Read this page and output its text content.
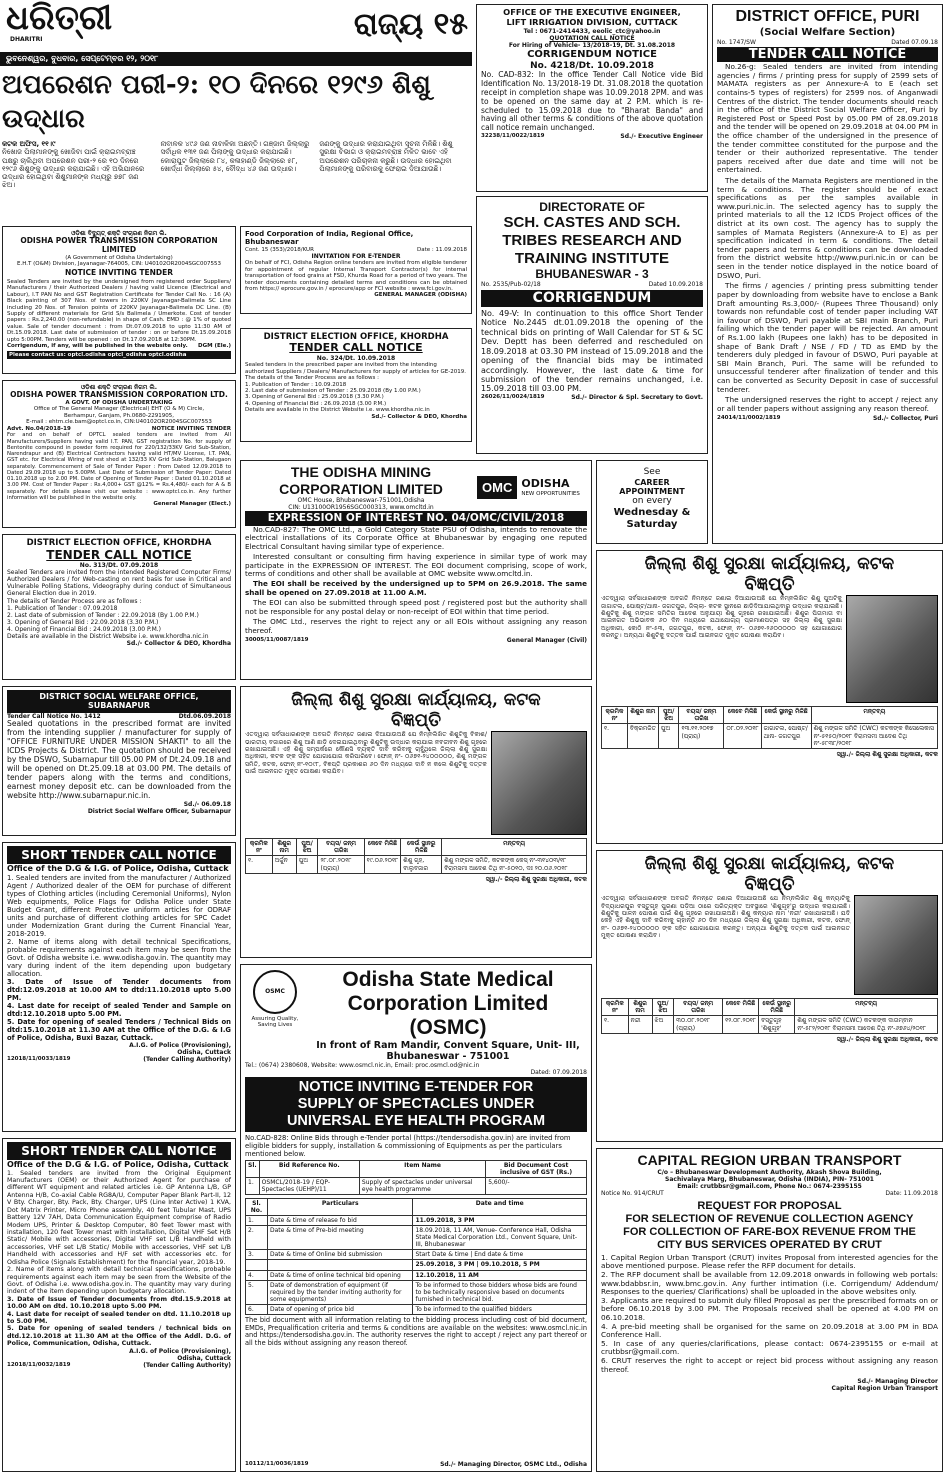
ଧରିତ୍ରୀ
DHARITRI	ରାଜ୍ୟ ୧୫
ଭୁବନେଶ୍ୱର, ବୁଧବାର, ସେପ୍ଟେମ୍ବର ୧୨, ୨୦୧୮
ଅପରେଶନ ପରୀ-୨: ୧୦ ଦିନରେ ୧୨୯୬ ଶିଶୁ ଉଦ୍ଧାର
କଟକ ଅଫିସ, ୧୧।୯
ନିଖୋଜ ପିଲାମାନଙ୍କୁ ଖୋଜିବା ପାଇଁ କ୍ରାଇମବ୍ରାଞ୍ଚ ପକ୍ଷରୁ ଚାଲିଥିବା ଅପରେଶନ ପରୀ-୨ ରେ ୧୦ ଦିନରେ ୧୨୯୬ ଶିଶୁଙ୍କୁ ଉଦ୍ଧାର କରାଯାଇଛି। ଏହି ଅଭିଯାନରେ ଉଦ୍ଧାର ହୋଇଥିବା ଶିଶୁମାନଙ୍କ ମଧ୍ୟରୁ ୭୭୮ ଜଣ ଝିଅ।
ନାବାଳକ ୪୯୬ ଜଣ ନାବାଳିକା ଅଛନ୍ତି। ଗଞ୍ଜାମ ଜିଲ୍ଲାରୁ ସର୍ବାଧିକ ୧୩୧ ଜଣ ପିଲାଙ୍କୁ ଉଦ୍ଧାର କରାଯାଇଛି। କୋରାପୁଟ ଜିଲ୍ଲାରେ ୮୪, କଳାହାଣ୍ଡି ଜିଲ୍ଲାରେ ୫୮, ଖୋର୍ଦ୍ଧା ଜିଲ୍ଲାରେ ୫୪, ବୌଦ୍ଧ ୪୬ ଜଣ ଉଦ୍ଧାର।
ଜଣଙ୍କୁ ଉଦ୍ଧାର କରାଯାଇଥିବା ସୂଚନା ମିଳିଛି। ଶିଶୁ ସୁରକ୍ଷା ବିଭାଗ ଓ କ୍ରାଇମବ୍ରାଞ୍ଚ ମିଳିତ ଭାବେ ଏହି ଅପରେଶନ ପରିଚାଳନା କରୁଛି। ଉଦ୍ଧାର ହୋଇଥିବା ପିଲାମାନଙ୍କୁ ପରିବାରକୁ ଫେରାଇ ଦିଆଯାଉଛି।
ଓଡ଼ିଶା ବିଦ୍ୟୁତ୍ ଶକ୍ତି ସଂଚାରଣ ନିଗମ ଲି.
ODISHA POWER TRANSMISSION CORPORATION LIMITED
(A Government of Odisha Undertaking)
E.H.T (O&M) Division, Jayanagar-764005, CIN: U40102OR2004SGC007553
NOTICE INVITING TENDER
Sealed Tenders are invited by the undersigned from registered order Suppliers/ Manufacturers / their Authorized Dealers / having valid Licence (Electrical and Labour), I.T PAN No and GST Registration Certificate for Tender Call No. : 16 (A) Black painting of 307 Nos. of towers in 220KV Jayanagar-Balimela SC Line including 20 Nos. of Tension points of 220KV Jayanagar-Balimela DC Line. (B) Supply of different materials for Grid S/s Balimela / Umerkote. Cost of tender papers : Rs.2,240.00 (non-refundable) in shape of Cash. EMD : @ 1% of quoted value. Sale of tender document : from Dt.07.09.2018 to upto 11:30 AM of Dt.15.09.2018. Last date of submission of tender : on or before Dt.15.09.2018 upto 5:00PM. Tenders will be opened : on Dt.17.09.2018 at 12:30PM.
Corrigendum, if any, will be published in the website only. DGM (Ele.)
Please contact us: optcl.odisha optcl_odisha optcl.odisha
Food Corporation of India, Regional Office, Bhubaneswar
Cont. 15 (353)/2018/KUR	Date : 11.09.2018
INVITATION FOR E-TENDER
On behalf of FCI, Odisha Region online tenders are invited from eligible tenderer for appointment of regular Internal Transport Contractor(s) for internal transportation of food grains at FSD, Khurda Road for a period of two years. The tender documents containing detailed terms and conditions can be obtained from https:// eprocure.gov.in / eprocure/app or FCI website : www.fci.gov.in.
GENERAL MANAGER (ODISHA)
DISTRICT ELECTION OFFICE, KHORDHA
TENDER CALL NOTICE
No. 324/Dt. 10.09.2018
Sealed tenders in the prescribed paper are invited from the intending authorized Suppliers / Dealers/ Manufacturers for supply of articles for GE-2019.
The details of the Tender Process are as follows :
1. Publication of Tender : 10.09.2018
2. Last date of submission of Tender : 25.09.2018 (By 1.00 P.M.)
3. Opening of General Bid : 25.09.2018 (3.30 P.M.)
4. Opening of Financial Bid : 26.09.2018 (3.00 P.M.)
Details are available in the District Website i.e. www.khordha.nic.in
Sd./- Collector & DEO, Khordha
ଓଡ଼ିଶା ଶକ୍ତି ସଂଚାରଣ ନିଗମ ଲି.
ODISHA POWER TRANSMISSION CORPORATION LTD.
A GOVT. OF ODISHA UNDERTAKING
Office of The General Manager (Electrical) EHT (O & M) Circle,
Berhampur, Ganjam, Ph.0680-2291905,
E-mail : ehtm.cle.bam@optcl.co.in, CIN:U40102OR2004SGC007553
Advt. No.04/2018-19	NOTICE INVITING TENDER
For and on behalf of OPTCL sealed tenders are invited from All Manufacturers/Suppliers having valid I.T. PAN, GST registration No. for supply of Bentonite compound in powder form required for 220/132/33KV Grid Sub-Station, Narendrapur and (B) Electrical Contractors having valid HT/MV License, I.T. PAN, GST etc. for Electrical Wiring of rest shed at 132/33 KV Grid Sub-Station, Balugaon separately. Commencement of Sale of Tender Paper : From Dated 12.09.2018 to Dated 29.09.2018 up to 5.00PM. Last Date of Submission of Tender Paper: Dated 01.10.2018 up to 2.00 PM. Date of Opening of Tender Paper : Dated 01.10.2018 at 3.00 PM. Cost of Tender Paper : Rs.4,000+ GST @12% = Rs.4,480/- each for A & B separately. For details please visit our website : www.optcl.co.in. Any further information will be published in the website only.
General Manager (Elect.)
DISTRICT ELECTION OFFICE, KHORDHA
TENDER CALL NOTICE
No. 313/Dt. 07.09.2018
Sealed Tenders are invited from the intended Registered Computer Firms/ Authorized Dealers / for Web-casting on rent basis for use in Critical and Vulnerable Polling Stations, Videography during conduct of Simultaneous General Election due in 2019.
The details of Tender Process are as follows :
1. Publication of Tender : 07.09.2018
2. Last date of submission of Tender : 22.09.2018 (By 1.00 P.M.)
3. Opening of General Bid : 22.09.2018 (3.30 P.M.)
4. Opening of Financial Bid : 24.09.2018 (3.00 P.M.)
Details are available in the District Website i.e. www.khordha.nic.in
Sd./- Collector & DEO, Khordha
DISTRICT SOCIAL WELFARE OFFICE, SUBARNAPUR
Tender Call Notice No. 1412	Dtd.06.09.2018
Sealed quotations in the prescribed format are invited from the intending supplier / manufacturer for supply of "OFFICE FURNITURE UNDER MISSION SHAKTI" to all the ICDS Projects & District. The quotation should be received by the DSWO, Subarnapur till 05.00 PM of Dt.24.09.18 and will be opened on Dt.25.09.18 at 03.00 PM. The details of tender papers along with the terms and conditions, earnest money deposit etc. can be downloaded from the website http://www.subarnapur.nic.in.
Sd./- 06.09.18
District Social Welfare Officer, Subarnapur
SHORT TENDER CALL NOTICE
Office of the D.G & I.G. of Police, Odisha, Cuttack
1. Sealed tenders are invited from the manufacturer / Authorized Agent / Authorized dealer of the OEM for purchase of different types of Clothing articles (including Ceremonial Uniforms), Nylon Web equipments, Police Flags for Odisha Police under State Budget Grant, different Protective uniform articles for ODRAF units and purchase of different clothing articles for SPC Cadet under Modernization Grant during the Current Financial Year, 2018-2019.
2. Name of items along with detail technical Specifications, probable requirements against each item may be seen from the Govt. of Odisha website i.e. www.odisha.gov.in. The quantity may vary during indent of the item depending upon budgetary allocation.
3. Date of Issue of Tender documents from dtd:12.09.2018 at 10.00 AM to dtd:11.10.2018 upto 5.00 PM.
4. Last date for receipt of sealed Tender and Sample on dtd:12.10.2018 upto 5.00 PM.
5. Date for opening of sealed Tenders / Technical Bids on dtd:15.10.2018 at 11.30 AM at the Office of the D.G. & I.G of Police, Odisha, Buxi Bazar, Cuttack.
A.I.G. of Police (Provisioning),
Odisha, Cuttack
12018/11/0033/1819	(Tender Calling Authority)
SHORT TENDER CALL NOTICE
Office of the D.G & I.G. of Police, Odisha, Cuttack
1. Sealed tenders are invited from the Original Equipment Manufacturers (OEM) or their Authorized Agent for purchase of different WT equipment and related articles i.e. GP Antenna L/B, GP Antenna H/B, Co-axial Cable RG8A/U, Computer Paper Blank Part-II, 12 V Bty. Charger, Bty. Pack, Bty. Charger, UPS (Line Inter Active) 1 KVA, Dot Matrix Printer, Micro Phone assembly, 40 feet Tubular Mast, UPS Battery 12V 7AH, Data Communication Equipment comprise of Radio Modem UPS, Printer & Desktop Computer, 80 feet Tower mast with installation, 120 feet Tower mast with installation, Digital VHF Set H/B Static/ Mobile with accessories, Digital VHF set L/B Handheld with accessories, VHF set L/B Static/ Mobile with accessories, VHF set L/B Handheld with accessories and H/F set with accessories etc. for Odisha Police (Signals Establishment) for the financial year, 2018-19.
2. Name of items along with detail technical specifications, probable requirements against each item may be seen from the Website of the Govt. of Odisha i.e. www.odisha.gov.in. The quantity may vary during indent of the item depending upon budgetary allocation.
3. Date of Issue of Tender documents from dtd.15.9.2018 at 10.00 AM on dtd. 10.10.2018 upto 5.00 PM.
4. Last date for receipt of sealed tender on dtd. 11.10.2018 up to 5.00 PM.
5. Date for opening of sealed tenders / technical bids on dtd.12.10.2018 at 11.30 AM at the Office of the Addl. D.G. of Police, Communication, Odisha, Cuttack.
A.I.G. of Police (Provisioning),
Odisha, Cuttack
12018/11/0032/1819	(Tender Calling Authority)
OFFICE OF THE EXECUTIVE ENGINEER,
LIFT IRRIGATION DIVISION, CUTTACK
Tel : 0671-2414433, eeolic_ctc@yahoo.in
QUOTATION CALL NOTICE
For Hiring of Vehicle- 13/2018-19, Dt. 31.08.2018
CORRIGENDUM NOTICE
No. 4218/Dt. 10.09.2018
No. CAD-832: In the office Tender Call Notice vide Bid Identification No. 13/2018-19 Dt. 31.08.2018 the quotation receipt in completion shape was 10.09.2018 2PM. and was to be opened on the same day at 2 P.M. which is re-scheduled to 15.09.2018 due to "Bharat Banda" and having all other terms & conditions of the above quotation call notice remain unchanged.
32238/11/0022/1819	Sd./- Executive Engineer
DIRECTORATE OF
SCH. CASTES AND SCH.
TRIBES RESEARCH AND
TRAINING INSTITUTE
BHUBANESWAR - 3
No. 2535/Pub-02/18	Dated 10.09.2018
CORRIGENDUM
No. 49-V: In continuation to this office Short Tender Notice No.2445 dt.01.09.2018 the opening of the technical bids on printing of Wall Calendar for ST & SC Dev. Deptt has been deferred and rescheduled on 18.09.2018 at 03.30 PM instead of 15.09.2018 and the opening of the financial bids may be intimated accordingly. However, the last date & time for submission of the tender remains unchanged, i.e. 15.09.2018 till 03.00 PM.
26026/11/0024/1819	Sd./- Director & Spl. Secretary to Govt.
DISTRICT OFFICE, PURI
(Social Welfare Section)
No. 1747/SW	Dated 07.09.18
TENDER CALL NOTICE

No.26-g: Sealed tenders are invited from intending agencies / firms / printing press for supply of 2599 sets of MAMATA registers as per Annexure-A to E (each set contains-5 types of registers) for 2599 nos. of Anganwadi Centres of the district. The tender documents should reach in the office of the District Social Welfare Officer, Puri by Registered Post or Speed Post by 05.00 PM of 28.09.2018 and the tender will be opened on 29.09.2018 at 04.00 PM in the office chamber of the undersigned in the presence of the tender committee constituted for the purpose and the tender or their authorized representative. The tender papers received after due date and time will not be entertained.

The details of the Mamata Registers are mentioned in the term & conditions. The register should be of exact specifications as per the samples available in www.puri.nic.in. The selected agency has to supply the printed materials to all the 12 ICDS Project offices of the district at its own cost. The agency has to supply the samples of Mamata Registers (Annexure-A to E) as per specification indicated in term & conditions. The detail tender papers and terms & conditions can be downloaded from the district website http://www.puri.nic.in or can be seen in the tender notice displayed in the notice board of DSWO, Puri.

The firms / agencies / printing press submitting tender paper by downloading from website have to enclose a Bank Draft amounting Rs.3,000/- (Rupees Three Thousand) only towards non refundable cost of tender paper including VAT in favour of DSWO, Puri payable at SBI main Branch, Puri failing which the tender paper will be rejected. An amount of Rs.1.00 lakh (Rupees one lakh) has to be deposited in shape of Bank Draft / NSE / FD / TD as EMD by the tenderers duly pledged in favour of DSWO, Puri payable at SBI Main Branch, Puri. The same will be refunded to unsuccessful tenderer after finalization of tender and this can be converted as Security Deposit in case of successful tenderer.

The undersigned reserves the right to accept / reject any or all tender papers without assigning any reason thereof.

24014/11/0002/1819	Sd./- Collector, Puri
THE ODISHA MINING
CORPORATION LIMITED
OMC House, Bhubaneswar-751001,Odisha
CIN: U13100OR1956SGC000313, www.omcltd.in
OMC ODISHA
NEW OPPORTUNITIES
EXPRESSION OF INTEREST NO. 04/OMC/CIVIL/2018

No.CAD-827: The OMC Ltd., a Gold Category State PSU of Odisha, intends to renovate the electrical installations of its Corporate Office at Bhubaneswar by engaging one reputed Electrical Consultant having similar type of experience.

Interested consultant or consulting firm having experience in similar type of work may participate in the EXPRESSION OF INTEREST. The EOI document comprising, scope of work, terms of conditions and other shall be available at OMC website www.omcltd.in.

The EOI shall be received by the undersigned up to 5PM on 26.9.2018. The same shall be opened on 27.09.2018 at 11.00 A.M.

The EOI can also be submitted through speed post / registered post but the authority shall not be responsible for any postal delay or non-receipt of EOI within that time period.

The OMC Ltd., reserves the right to reject any or all EOIs without assigning any reason thereof.

30005/11/0087/1819	General Manager (Civil)
See
CAREER APPOINTMENT
on every
Wednesday &
Saturday
ଜିଲ୍ଲା ଶିଶୁ ସୁରକ୍ଷା କାର୍ଯ୍ୟାଳୟ, କଟକ
ବିଜ୍ଞପ୍ତି
ଏତଦ୍ୱାରା ସର୍ବସାଧାରଣଙ୍କ ଅବଗତି ନିମନ୍ତେ ଜଣାଇ ଦିଆଯାଉଅଛି ଯେ ନିମ୍ନଲିଖିତ ଶିଶୁ ପୁଅଟିକୁ ଜାଗାଟଲ, ପୋଷ୍ଟ/ଥାନା- ଜଗତପୁର, ଜିଲ୍ଲା- କଟକ ସ୍ଥାନରେ ଛାଡ଼ିଦିଆଯାଇଥିବାରୁ ଉଦ୍ଧାର କରାଯାଇଛି। ଶିଶୁଟିକୁ ଶିଶୁ ମଙ୍ଗଳ ସମିତିର ଆଦେଶ ଅନୁଯାୟୀ ଶିଶୁ ଗୃହରେ ରଖାଯାଇଅଛି। ଶିଶୁର ପିତାମାତା ବା ଆଇନଗତ ଅଭିଭାବକ ୬୦ ଦିନ ମଧ୍ୟରେ ଯଥାଯୋଗ୍ୟ ପ୍ରମାଣପତ୍ର ସହ ଜିଲ୍ଲା ଶିଶୁ ସୁରକ୍ଷା ଅଧିକାରୀ, କୋଠି ନଂ-୫୩, ଜଗତପୁର, କଟକ, ଫୋନ୍ ନଂ- ୦୬୭୧-୨୬୦୦୦୦୦ ସହ ଯୋଗାଯୋଗ କରନ୍ତୁ। ଅନ୍ୟଥା ଶିଶୁଟିକୁ ଦତ୍ତକ ପାଇଁ ଆଇନଗତ ମୁକ୍ତ ଘୋଷଣା କରାଯିବ।
କ୍ରମିକ ନଂ	ଶିଶୁର ନାମ	ପୁଅ/ ଝିଅ	ବୟସ/ ଜନ୍ମ ତାରିଖ	କେବେ ମିଳିଛି	କେଉଁ ସ୍ଥାନରୁ ମିଳିଛି	ମନ୍ତବ୍ୟ
୧.	ବିକ୍ରମଜିତ	ପୁଅ	୧୩.୧୧.୨୦୧୭ (ପ୍ରାୟ)	୦୮.୦୨.୨୦୧୮	ଜାଗାଟଲ, ପୋଷ୍ଟ/ଥାନା- ଜଗତପୁର	ଶିଶୁ ମଙ୍ଗଳ ସମିତି (CWC) କଟକଙ୍କ କିସେଲେକାସ ନଂ-୫୧୫୦/୨୦୧୮ ବିରାମସମୀ ଆଦେଶ ତିଥି ନଂ-୫୮୩୮/୨୦୧୮
ସ୍ୱା./- ଜିଲ୍ଲା ଶିଶୁ ସୁରକ୍ଷା ଅଧିକାରୀ, କଟକ
ଜିଲ୍ଲା ଶିଶୁ ସୁରକ୍ଷା କାର୍ଯ୍ୟାଳୟ, କଟକ
ବିଜ୍ଞପ୍ତି
ଏତଦ୍ୱାରା ସର୍ବସାଧାରଣଙ୍କ ଅବଗତି ନିମନ୍ତେ ଜଣାଇ ଦିଆଯାଉଅଛି ଯେ ନିମ୍ନଲିଖିତ ଶିଶୁଟିକୁ ବିକାଶ/ଭାରତୀୟ ବଜାରରେ ଶିଶୁ ଆଣି ଛାଡ଼ି ଦେଇଯାଇଥିବାରୁ ଶିଶୁଟିକୁ ଉଦ୍ଧାର କରାଯାଇ ନବଜୀବନ ଶିଶୁ ଗୃହରେ ରଖାଯାଇଅଛି। ଏହି ଶିଶୁ ସମ୍ପର୍କରେ କୌଣସି ବ୍ୟକ୍ତି ଦାବି କରିବାକୁ ଚାହୁଁଥିଲେ ଜିଲ୍ଲା ଶିଶୁ ସୁରକ୍ଷା ଅଧିକାରୀ, କଟକ ଙ୍କ ସହିତ ଯୋଗାଯୋଗ କରିପାରିବେ। ଫୋନ୍ ନଂ- ୦୬୭୧-୨୪୦୦୦୦୦, ଶିଶୁ ମଙ୍ଗଳ ସମିତି, କଟକ, ଫୋନ୍ ନଂ-୧୦୯୮, ବିଜ୍ଞପ୍ତି ପ୍ରକାଶର ୬୦ ଦିନ ମଧ୍ୟରେ ଦାବି ନ କଲେ ଶିଶୁଟିକୁ ଦତ୍ତକ ପାଇଁ ଆଇନଗତ ମୁକ୍ତ ଘୋଷଣା କରାଯିବ।
କ୍ରମିକ ନଂ	ଶିଶୁର ନାମ	ପୁଅ/ ଝିଅ	ବୟସ/ ଜନ୍ମ ତାରିଖ	କେବେ ମିଳିଛି	କେଉଁ ସ୍ଥାନରୁ ମିଳିଛି	ମନ୍ତବ୍ୟ
୧.	ଅର୍ଜୁନ	ପୁଅ	୨୮.୦୮.୨୦୧୮ (ପ୍ରାୟ)	୧୯.୦୬.୨୦୧୮	ଶିଶୁ ଗୃହ, ବାଲୁବଜାର	ଶିଶୁ ମଙ୍ଗଳ ସମିତି, କଟକଙ୍କ କେସ୍ ନଂ-୩୧୪୦୩/୧୮ ବିରାମସମୀ ଆଦେଶ ତିଥି ନଂ-୫୦୧୦, ଦଃ ୨୦.୦୬.୨୦୧୮
ସ୍ୱା./- ଜିଲ୍ଲା ଶିଶୁ ସୁରକ୍ଷା ଅଧିକାରୀ, କଟକ
ଜିଲ୍ଲା ଶିଶୁ ସୁରକ୍ଷା କାର୍ଯ୍ୟାଳୟ, କଟକ
ବିଜ୍ଞପ୍ତି
ଏତଦ୍ୱାରା ସର୍ବସାଧାରଣଙ୍କ ଅବଗତି ନିମନ୍ତେ ଜଣାଇ ଦିଆଯାଉଅଛି ଯେ ନିମ୍ନଲିଖିତ ଶିଶୁ କନ୍ୟାଟିକୁ ବିଦ୍ୟାଧରପୁର ବସ୍ତୁଗୃହ ପୁରଣା ପଡ଼ିଆ ଠାରେ ପରିତ୍ୟକ୍ତ ଅବସ୍ଥାରେ 'ଶିଶୁଗୃହ'ରୁ ଉଦ୍ଧାର କରାଯାଇଛି। ଶିଶୁଟିକୁ ପାଳନ ପୋଷଣ ପାଇଁ ଶିଶୁ ଗୃହରେ ରଖାଯାଇଅଛି। ଶିଶୁ କନ୍ୟାର ନାମ 'ନନ୍ଦୀ' ରଖାଯାଇଅଛି। ଯଦି କେହି ଏହି ଶିଶୁକୁ ଦାବି କରିବାକୁ ଚାହାନ୍ତି ୬୦ ଦିନ ମଧ୍ୟରେ ଜିଲ୍ଲା ଶିଶୁ ସୁରକ୍ଷା ଅଧିକାରୀ, କଟକ, ଫୋନ୍ ନଂ- ୦୬୭୧-୨୪୦୦୦୦୦ ଙ୍କ ସହିତ ଯୋଗାଯୋଗ କରନ୍ତୁ। ଅନ୍ୟଥା ଶିଶୁଟିକୁ ଦତ୍ତକ ପାଇଁ ଆଇନଗତ ମୁକ୍ତ ଘୋଷଣା କରାଯିବ।
କ୍ରମିକ ନଂ	ଶିଶୁର ନାମ	ପୁଅ/ ଝିଅ	ବୟସ/ ଜନ୍ମ ତାରିଖ	କେବେ ମିଳିଛି	କେଉଁ ସ୍ଥାନରୁ ମିଳିଛି	ମନ୍ତବ୍ୟ
୧.	ନନ୍ଦୀ	ଝିଅ	୩୦.୦୮.୨୦୧୮ (ପ୍ରାୟ)	୧୨.୦୮.୨୦୧୮	ବସ୍ତୁଗୃହ 'ଶିଶୁଗୃହ'	ଶିଶୁ ମଙ୍ଗଳ ସମିତି (CWC) କଟକଙ୍କ ଦାତାମ୍ବାନ ନଂ-୫୮୨/୨୦୧୮ ବିରାମସମୀ ଆଦେଶ ତିଥି ନଂ-୬୭୬୪/୨୦୧୮
ସ୍ୱା./- ଜିଲ୍ଲା ଶିଶୁ ସୁରକ୍ଷା ଅଧିକାରୀ, କଟକ
OSMC
Assuring Quality, Saving Lives
Odisha State Medical
Corporation Limited (OSMC)
In front of Ram Mandir, Convent Square, Unit- III,
Bhubaneswar - 751001
Tel.: (0674) 2380608, Website: www.osmcl.nic.in, Email: proc.osmcl.od@nic.in
Dated: 07.09.2018
NOTICE INVITING E-TENDER FOR
SUPPLY OF SPECTACLES UNDER
UNIVERSAL EYE HEALTH PROGRAM
No.CAD-828: Online Bids through e-Tender portal (https://tendersodisha.gov.in) are invited from eligible bidders for supply, installation & commissioning of Equipments as per the particulars mentioned below.
Sl.	Bid Reference No.	Item Name	Bid Document Cost inclusive of GST (Rs.)
1.	OSMCL/2018-19 / EQP-Spectacles (UEHP)/11	Supply of spectacles under universal eye health programme	5,600/-
Sl. No.	Particulars	Date and time
1.	Date & time of release fo bid	11.09.2018, 3 PM
2.	Date & time of Pre-bid meeting	18.09.2018, 11 AM, Venue- Conference Hall, Odisha State Medical Corporation Ltd., Convent Square, Unit- III, Bhubaneswar
3.	Date & time of Online bid submission	Start Date & time | End date & time
		25.09.2018, 3 PM | 09.10.2018, 5 PM
4.	Date & time of online technical bid opening	12.10.2018, 11 AM
5.	Date of demonstration of equipment (if required by the tender inviting authority for some equipments)	To be informed to those bidders whose bids are found to be technically responsive based on documents furnished in technical bid.
6.	Date of opening of price bid	To be informed to the qualified bidders
The bid document with all information relating to the bidding process including cost of bid document, EMDs, Prequalification criteria and terms & conditions are available on the websites: www.osmcl.nic.in and https://tendersodisha.gov.in. The authority reserves the right to accept / reject any part thereof or all the bids without assigning any reason thereof.
10112/11/0036/1819	Sd./- Managing Director, OSMC Ltd., Odisha
CAPITAL REGION URBAN TRANSPORT
C/o – Bhubaneswar Development Authority, Akash Shova Building,
Sachivalaya Marg, Bhubaneswar, Odisha (INDIA), PIN- 751001
Email: crutbbsr@gmail.com, Phone No.: 0674-2395155
Notice No. 914/CRUT	Date: 11.09.2018
REQUEST FOR PROPOSAL
FOR SELECTION OF REVENUE COLLECTION AGENCY
FOR COLLECTION OF FARE-BOX REVENUE FROM THE
CITY BUS SERVICES OPERATED BY CRUT
1. Capital Region Urban Transport (CRUT) invites Proposal from interested agencies for the above mentioned purpose. Please refer the RFP document for details.
2. The RFP document shall be available from 12.09.2018 onwards in following web portals: www.bdabbsr.in, www.bmc.gov.in. Any further intimation (i.e. Corrigendum/ Addendum/ Responses to the queries/ Clarifications) shall be uploaded in the above websites only.
3. Applicants are required to submit duly filled Proposal as per the prescribed formats on or before 06.10.2018 by 3.00 PM. The Proposals received shall be opened at 4.00 PM on 06.10.2018.
4. A pre-bid meeting shall be organised for the same on 20.09.2018 at 3.00 PM in BDA Conference Hall.
5. In case of any queries/clarifications, please contact: 0674-2395155 or e-mail at crutbbsr@gmail.com.
6. CRUT reserves the right to accept or reject bid process without assigning any reason thereof.
Sd./- Managing Director
Capital Region Urban Transport
